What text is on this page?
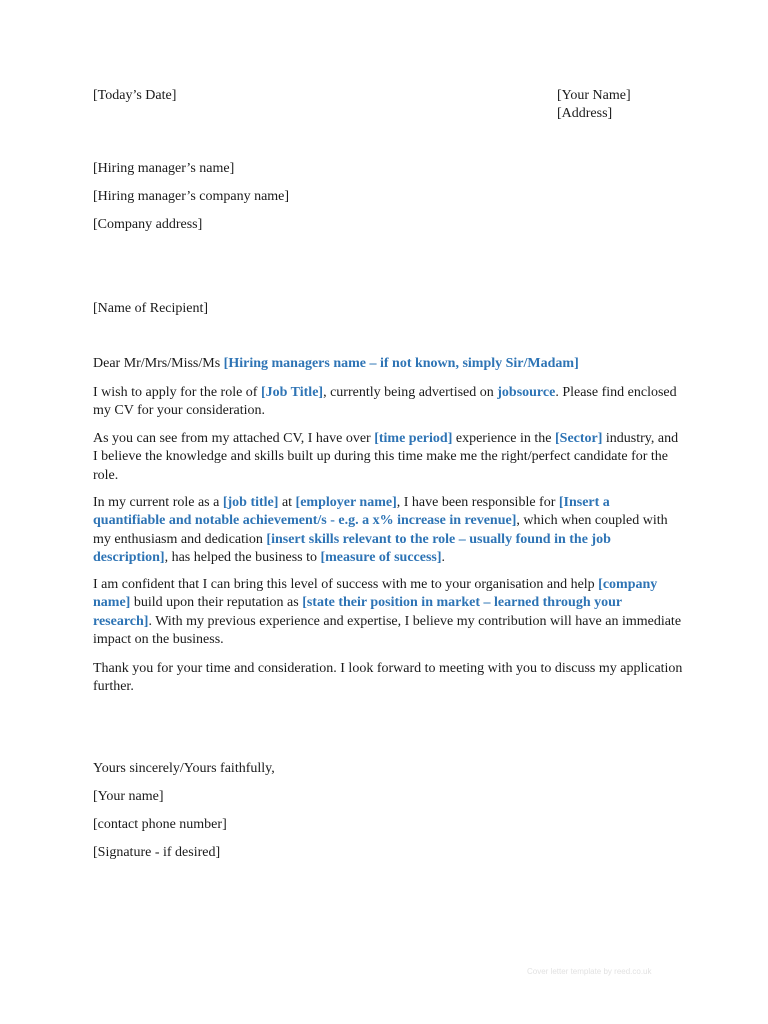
[Today’s Date]	[Your Name]
[Address]
[Hiring manager’s name]
[Hiring manager’s company name]
[Company address]
[Name of Recipient]
Dear Mr/Mrs/Miss/Ms [Hiring managers name – if not known, simply Sir/Madam]
I wish to apply for the role of [Job Title], currently being advertised on jobsource. Please find enclosed my CV for your consideration.
As you can see from my attached CV, I have over [time period] experience in the [Sector] industry, and I believe the knowledge and skills built up during this time make me the right/perfect candidate for the role.
In my current role as a [job title] at [employer name], I have been responsible for [Insert a quantifiable and notable achievement/s - e.g. a x% increase in revenue], which when coupled with my enthusiasm and dedication [insert skills relevant to the role – usually found in the job description], has helped the business to [measure of success].
I am confident that I can bring this level of success with me to your organisation and help [company name] build upon their reputation as [state their position in market – learned through your research]. With my previous experience and expertise, I believe my contribution will have an immediate impact on the business.
Thank you for your time and consideration. I look forward to meeting with you to discuss my application further.
Yours sincerely/Yours faithfully,
[Your name]
[contact phone number]
[Signature - if desired]
Cover letter template by reed.co.uk
